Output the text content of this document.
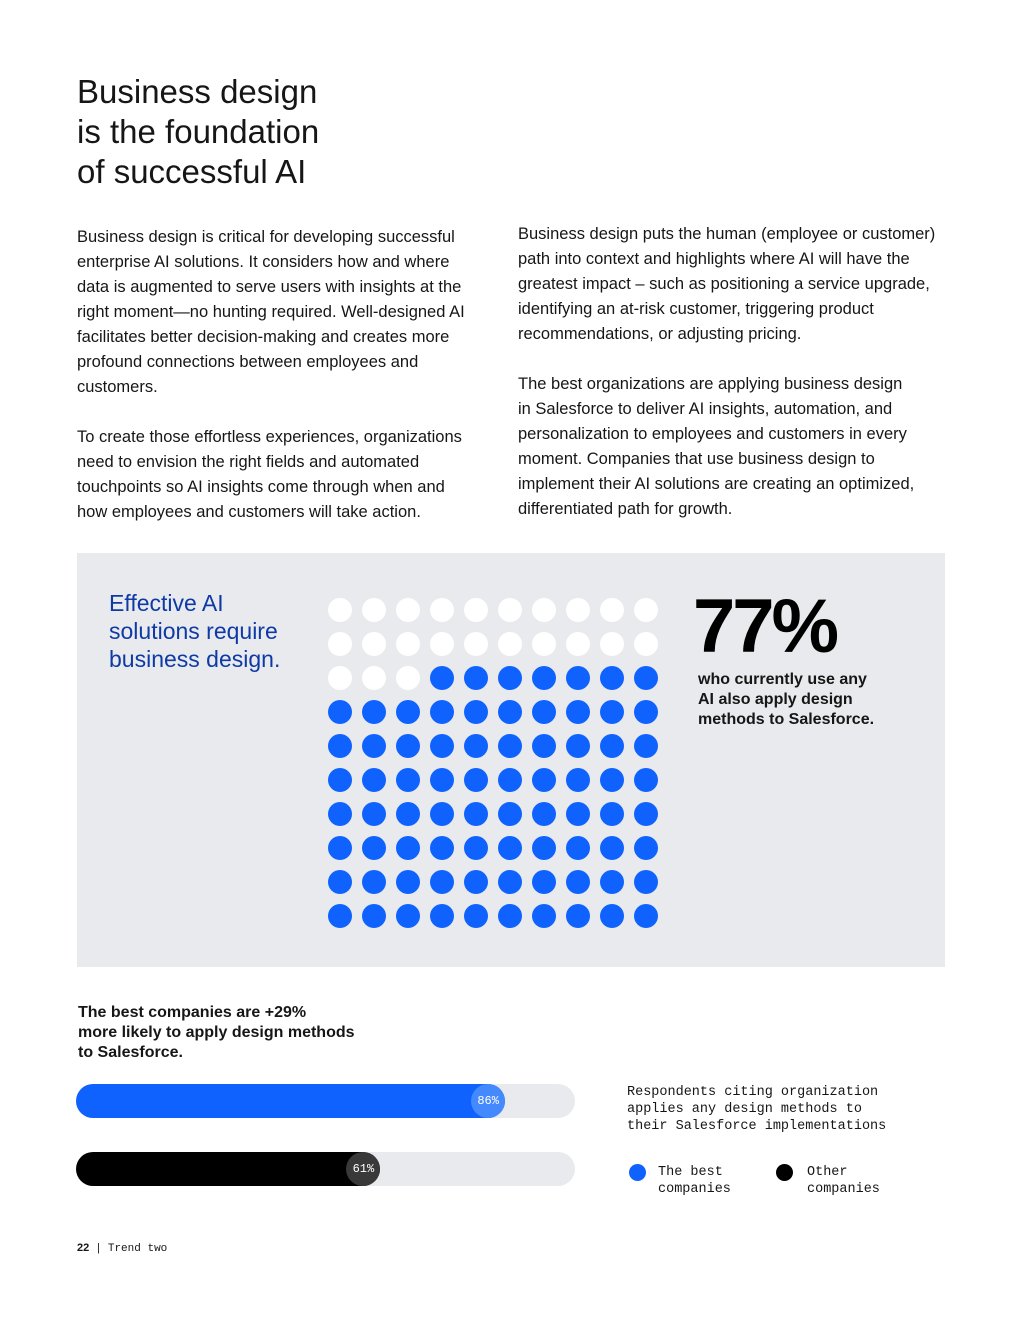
Business design
is the foundation
of successful AI

Business design is critical for developing successful
enterprise AI solutions. It considers how and where
data is augmented to serve users with insights at the
right moment—no hunting required. Well-designed AI
facilitates better decision-making and creates more
profound connections between employees and
customers.

To create those effortless experiences, organizations
need to envision the right fields and automated
touchpoints so AI insights come through when and
how employees and customers will take action.

Business design puts the human (employee or customer)
path into context and highlights where AI will have the
greatest impact – such as positioning a service upgrade,
identifying an at-risk customer, triggering product
recommendations, or adjusting pricing.

The best organizations are applying business design
in Salesforce to deliver AI insights, automation, and
personalization to employees and customers in every
moment. Companies that use business design to
implement their AI solutions are creating an optimized,
differentiated path for growth.

Effective AI
solutions require
business design.	77%
who currently use any
AI also apply design
methods to Salesforce.
The best companies are +29%
more likely to apply design methods
to Salesforce.
86%
61%
Respondents citing organization
applies any design methods to
their Salesforce implementations
The best
companies
Other
companies
22 | Trend two
